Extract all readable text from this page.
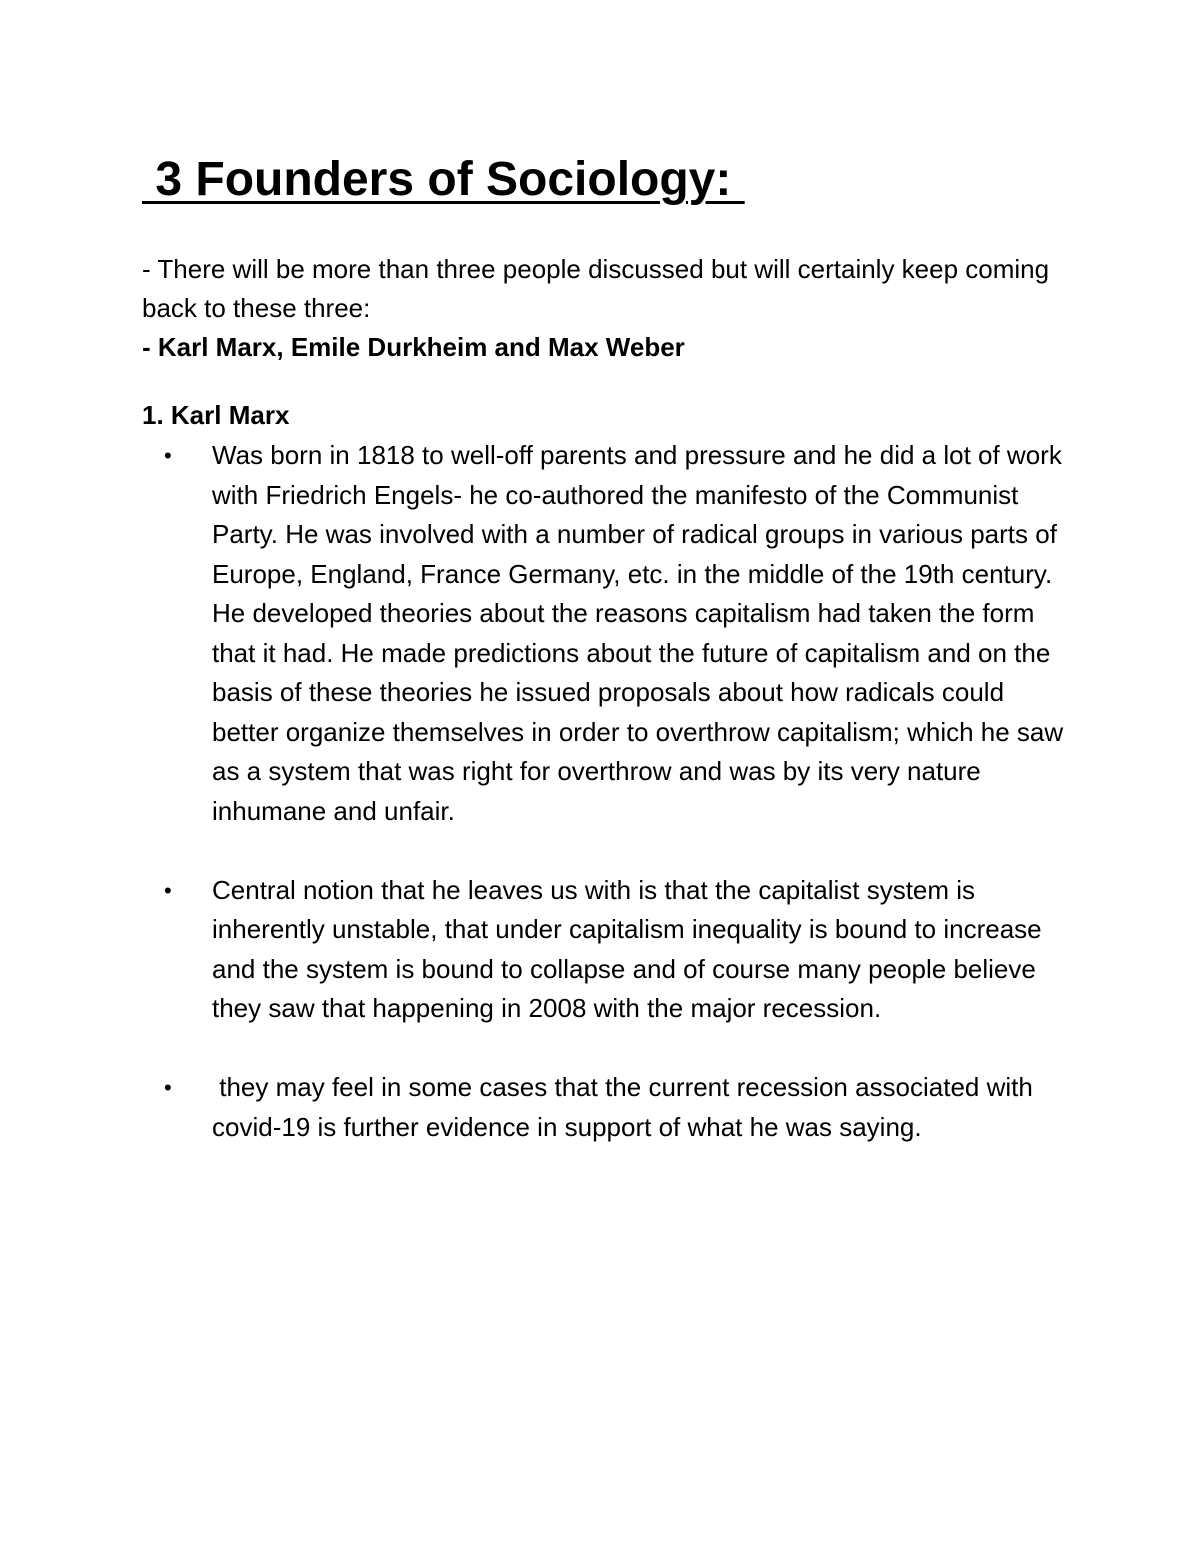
3 Founders of Sociology:

- There will be more than three people discussed but will certainly keep coming back to these three:

- Karl Marx, Emile Durkheim and Max Weber

1. Karl Marx
• Was born in 1818 to well-off parents and pressure and he did a lot of work with Friedrich Engels- he co-authored the manifesto of the Communist Party. He was involved with a number of radical groups in various parts of Europe, England, France Germany, etc. in the middle of the 19th century. He developed theories about the reasons capitalism had taken the form that it had. He made predictions about the future of capitalism and on the basis of these theories he issued proposals about how radicals could better organize themselves in order to overthrow capitalism; which he saw as a system that was right for overthrow and was by its very nature inhumane and unfair.
• Central notion that he leaves us with is that the capitalist system is inherently unstable, that under capitalism inequality is bound to increase and the system is bound to collapse and of course many people believe they saw that happening in 2008 with the major recession.
• they may feel in some cases that the current recession associated with covid-19 is further evidence in support of what he was saying.
